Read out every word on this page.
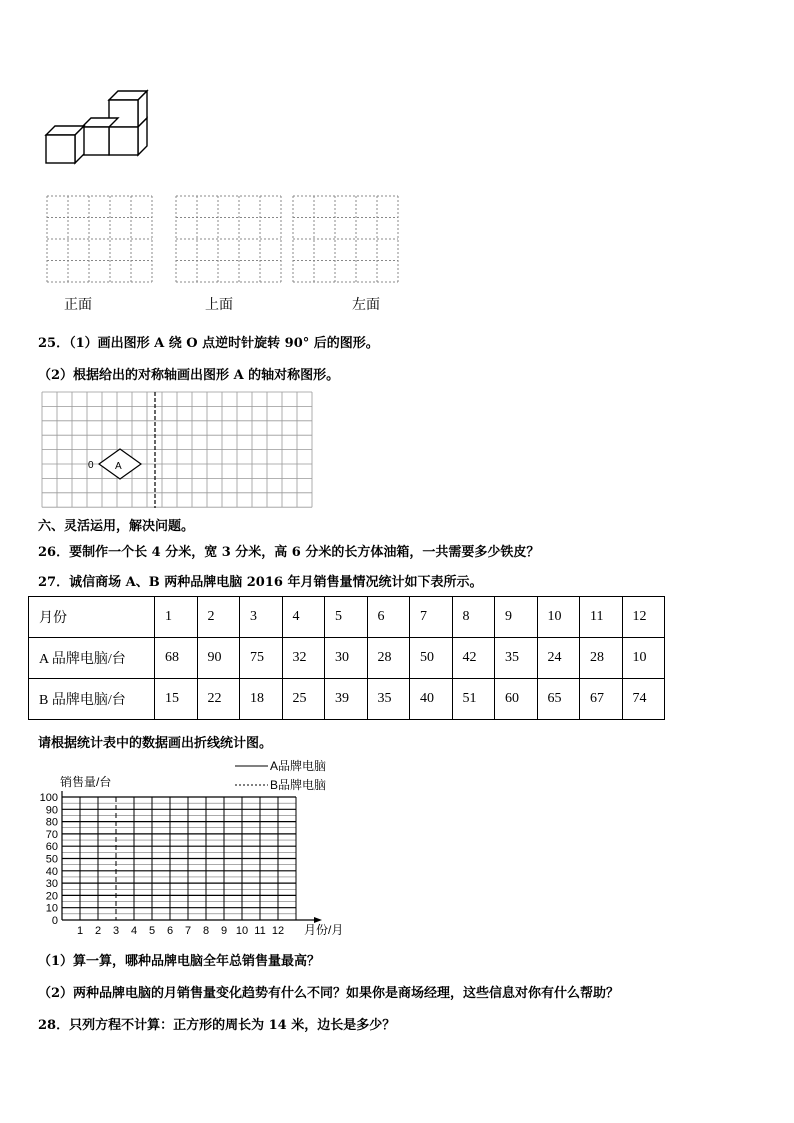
正面	上面	左面
25．（1）画出图形 A 绕 O 点逆时针旋转 90° 后的图形。
（2）根据给出的对称轴画出图形 A 的轴对称图形。
A
0
六、灵活运用，解决问题。
26．要制作一个长 4 分米，宽 3 分米，高 6 分米的长方体油箱，一共需要多少铁皮？
27．诚信商场 A、B 两种品牌电脑 2016 年月销售量情况统计如下表所示。
月份	1	2	3	4	5	6	7	8	9	10	11	12
A 品牌电脑/台	68	90	75	32	30	28	50	42	35	24	28	10
B 品牌电脑/台	15	22	18	25	39	35	40	51	60	65	67	74
请根据统计表中的数据画出折线统计图。
销售量/台
A品牌电脑
B品牌电脑
0
10
20
30
40
50
60
70
80
90
100
1 2 3 4 5 6 7 8 9 10 11 12 月份/月
（1）算一算，哪种品牌电脑全年总销售量最高？
（2）两种品牌电脑的月销售量变化趋势有什么不同？如果你是商场经理，这些信息对你有什么帮助？
28．只列方程不计算：正方形的周长为 14 米，边长是多少？
